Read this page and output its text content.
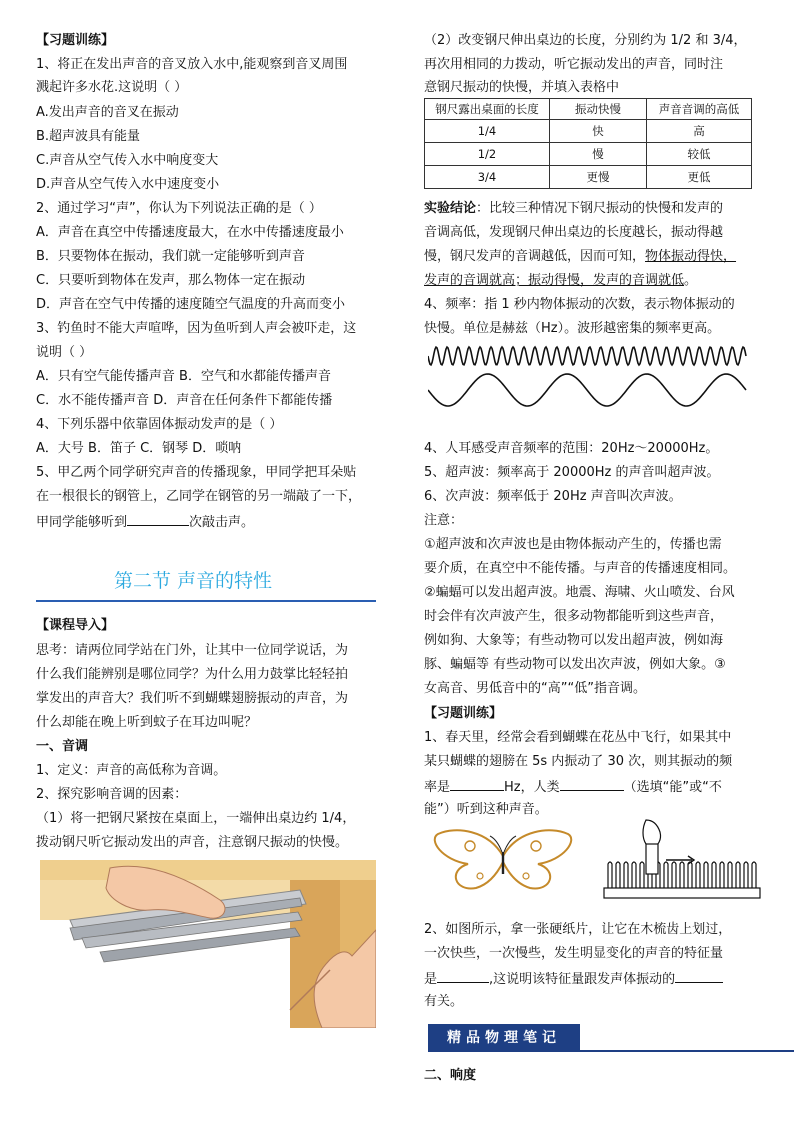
【习题训练】
1、将正在发出声音的音叉放入水中,能观察到音叉周围
溅起许多水花.这说明（ ）
A.发出声音的音叉在振动
B.超声波具有能量
C.声音从空气传入水中响度变大
D.声音从空气传入水中速度变小
2、通过学习“声”，你认为下列说法正确的是（ ）
A．声音在真空中传播速度最大，在水中传播速度最小
B．只要物体在振动，我们就一定能够听到声音
C．只要听到物体在发声，那么物体一定在振动
D．声音在空气中传播的速度随空气温度的升高而变小
3、钓鱼时不能大声喧哗，因为鱼听到人声会被吓走，这
说明（ ）
A．只有空气能传播声音 B．空气和水都能传播声音
C．水不能传播声音 D．声音在任何条件下都能传播
4、下列乐器中依靠固体振动发声的是（ ）
A．大号 B．笛子 C．钢琴 D．唢呐
5、甲乙两个同学研究声音的传播现象，甲同学把耳朵贴
在一根很长的钢管上，乙同学在钢管的另一端敲了一下，
甲同学能够听到	次敲击声。
第二节 声音的特性
【课程导入】
思考：请两位同学站在门外，让其中一位同学说话，为
什么我们能辨别是哪位同学？为什么用力鼓掌比轻轻拍
掌发出的声音大？我们听不到蝴蝶翅膀振动的声音，为
什么却能在晚上听到蚊子在耳边叫呢？
一、音调
1、定义：声音的高低称为音调。
2、探究影响音调的因素：
（1）将一把钢尺紧按在桌面上，一端伸出桌边约 1/4，
拨动钢尺听它振动发出的声音，注意钢尺振动的快慢。
（2）改变钢尺伸出桌边的长度，分别约为 1/2 和 3/4，
再次用相同的力拨动，听它振动发出的声音，同时注
意钢尺振动的快慢，并填入表格中
钢尺露出桌面的长度	振动快慢	声音音调的高低
1/4	快	高
1/2	慢	较低
3/4	更慢	更低
实验结论：比较三种情况下钢尺振动的快慢和发声的
音调高低，发现钢尺伸出桌边的长度越长，振动得越
慢，钢尺发声的音调越低，因而可知，物体振动得快，
发声的音调就高；振动得慢，发声的音调就低。
4、频率：指 1 秒内物体振动的次数，表示物体振动的
快慢。单位是赫兹（Hz）。波形越密集的频率更高。
4、人耳感受声音频率的范围：20Hz～20000Hz。
5、超声波：频率高于 20000Hz 的声音叫超声波。
6、次声波：频率低于 20Hz 声音叫次声波。
注意：
①超声波和次声波也是由物体振动产生的，传播也需
要介质，在真空中不能传播。与声音的传播速度相同。
②蝙蝠可以发出超声波。地震、海啸、火山喷发、台风
时会伴有次声波产生，很多动物都能听到这些声音，
例如狗、大象等；有些动物可以发出超声波，例如海
豚、蝙蝠等 有些动物可以发出次声波，例如大象。③
女高音、男低音中的“高”“低”指音调。
【习题训练】
1、春天里，经常会看到蝴蝶在花丛中飞行，如果其中
某只蝴蝶的翅膀在 5s 内振动了 30 次，则其振动的频
率是	Hz，人类	（选填“能”或“不
能”）听到这种声音。
2、如图所示，拿一张硬纸片，让它在木梳齿上划过，
一次快些，一次慢些，发生明显变化的声音的特征量
是	,这说明该特征量跟发声体振动的
有关。
精品物理笔记
二、响度
